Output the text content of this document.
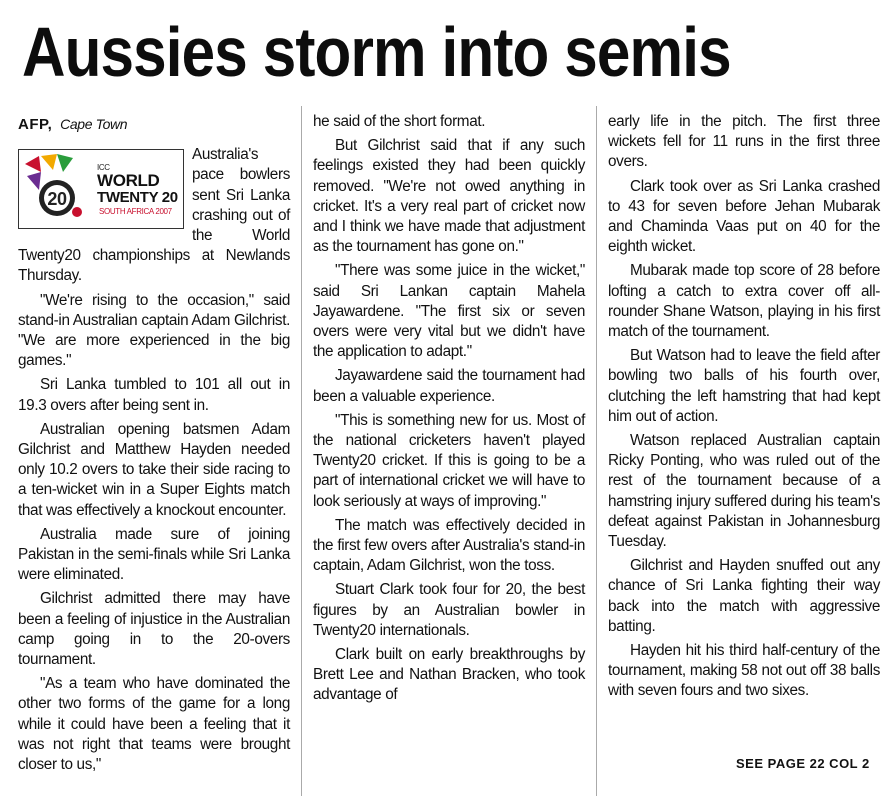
Aussies storm into semis
AFP, Cape Town
20
ICC
WORLD
TWENTY 20
SOUTH AFRICA 2007

Australia's pace bowlers sent Sri Lanka crashing out of the World Twenty20 championships at Newlands Thursday.

"We're rising to the occasion," said stand-in Australian captain Adam Gilchrist. "We are more experienced in the big games."

Sri Lanka tumbled to 101 all out in 19.3 overs after being sent in.

Australian opening batsmen Adam Gilchrist and Matthew Hayden needed only 10.2 overs to take their side racing to a ten-wicket win in a Super Eights match that was effectively a knockout encounter.

Australia made sure of joining Pakistan in the semi-finals while Sri Lanka were eliminated.

Gilchrist admitted there may have been a feeling of injustice in the Australian camp going in to the 20-overs tournament.

"As a team who have dominated the other two forms of the game for a long while it could have been a feeling that it was not right that teams were brought closer to us,"

he said of the short format.

But Gilchrist said that if any such feelings existed they had been quickly removed. "We're not owed anything in cricket. It's a very real part of cricket now and I think we have made that adjustment as the tournament has gone on."

"There was some juice in the wicket," said Sri Lankan captain Mahela Jayawardene. "The first six or seven overs were very vital but we didn't have the application to adapt."

Jayawardene said the tournament had been a valuable experience.

"This is something new for us. Most of the national cricketers haven't played Twenty20 cricket. If this is going to be a part of international cricket we will have to look seriously at ways of improving."

The match was effectively decided in the first few overs after Australia's stand-in captain, Adam Gilchrist, won the toss.

Stuart Clark took four for 20, the best figures by an Australian bowler in Twenty20 internationals.

Clark built on early breakthroughs by Brett Lee and Nathan Bracken, who took advantage of

early life in the pitch. The first three wickets fell for 11 runs in the first three overs.

Clark took over as Sri Lanka crashed to 43 for seven before Jehan Mubarak and Chaminda Vaas put on 40 for the eighth wicket.

Mubarak made top score of 28 before lofting a catch to extra cover off all-rounder Shane Watson, playing in his first match of the tournament.

But Watson had to leave the field after bowling two balls of his fourth over, clutching the left hamstring that had kept him out of action.

Watson replaced Australian captain Ricky Ponting, who was ruled out of the rest of the tournament because of a hamstring injury suffered during his team's defeat against Pakistan in Johannesburg Tuesday.

Gilchrist and Hayden snuffed out any chance of Sri Lanka fighting their way back into the match with aggressive batting.

Hayden hit his third half-century of the tournament, making 58 not out off 38 balls with seven fours and two sixes.

SEE PAGE 22 COL 2
